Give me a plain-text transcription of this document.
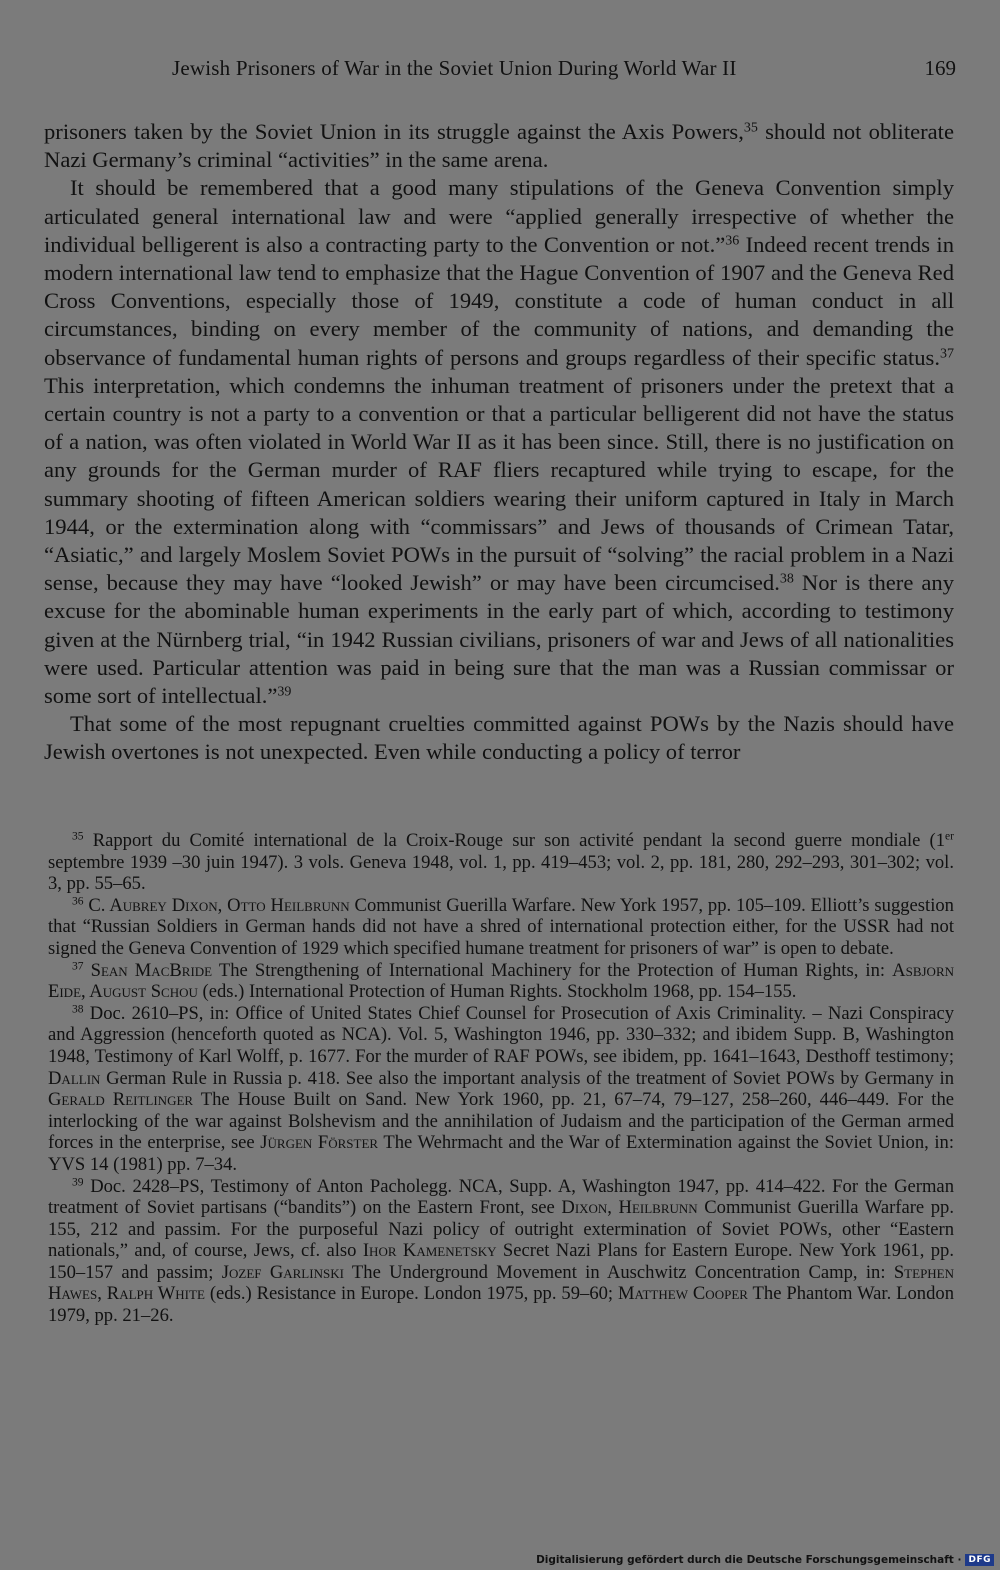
Jewish Prisoners of War in the Soviet Union During World War II	169

prisoners taken by the Soviet Union in its struggle against the Axis Powers,$^{35}$ should not obliterate Nazi Germany’s criminal “activities” in the same arena.

It should be remembered that a good many stipulations of the Geneva Convention simply articulated general international law and were “applied generally irrespective of whether the individual belligerent is also a contracting party to the Convention or not.”$^{36}$ Indeed recent trends in modern international law tend to emphasize that the Hague Convention of 1907 and the Geneva Red Cross Conventions, especially those of 1949, constitute a code of human conduct in all circumstances, binding on every member of the community of nations, and demanding the observance of fundamental human rights of persons and groups regardless of their specific status.$^{37}$ This interpretation, which condemns the inhuman treatment of prisoners under the pretext that a certain country is not a party to a convention or that a particular belligerent did not have the status of a nation, was often violated in World War II as it has been since. Still, there is no justification on any grounds for the German murder of RAF fliers recaptured while trying to escape, for the summary shooting of fifteen American soldiers wearing their uniform captured in Italy in March 1944, or the extermination along with “commissars” and Jews of thousands of Crimean Tatar, “Asiatic,” and largely Moslem Soviet POWs in the pursuit of “solving” the racial problem in a Nazi sense, because they may have “looked Jewish” or may have been circumcised.$^{38}$ Nor is there any excuse for the abominable human experiments in the early part of which, according to testimony given at the Nürnberg trial, “in 1942 Russian civilians, prisoners of war and Jews of all nationalities were used. Particular attention was paid in being sure that the man was a Russian commissar or some sort of intellectual.”$^{39}$

That some of the most repugnant cruelties committed against POWs by the Nazis should have Jewish overtones is not unexpected. Even while conducting a policy of terror

$^{35}$ Rapport du Comité international de la Croix-Rouge sur son activité pendant la second guerre mondiale (1er septembre 1939 –30 juin 1947). 3 vols. Geneva 1948, vol. 1, pp. 419–453; vol. 2, pp. 181, 280, 292–293, 301–302; vol. 3, pp. 55–65.

$^{36}$ C. Aubrey Dixon, Otto Heilbrunn Communist Guerilla Warfare. New York 1957, pp. 105–109. Elliott’s suggestion that “Russian Soldiers in German hands did not have a shred of international protection either, for the USSR had not signed the Geneva Convention of 1929 which specified humane treatment for prisoners of war” is open to debate.

$^{37}$ Sean MacBride The Strengthening of International Machinery for the Protection of Human Rights, in: Asbjorn Eide, August Schou (eds.) International Protection of Human Rights. Stockholm 1968, pp. 154–155.

$^{38}$ Doc. 2610–PS, in: Office of United States Chief Counsel for Prosecution of Axis Criminality. – Nazi Conspiracy and Aggression (henceforth quoted as NCA). Vol. 5, Washington 1946, pp. 330–332; and ibidem Supp. B, Washington 1948, Testimony of Karl Wolff, p. 1677. For the murder of RAF POWs, see ibidem, pp. 1641–1643, Desthoff testimony; Dallin German Rule in Russia p. 418. See also the important analysis of the treatment of Soviet POWs by Germany in Gerald Reitlinger The House Built on Sand. New York 1960, pp. 21, 67–74, 79–127, 258–260, 446–449. For the interlocking of the war against Bolshevism and the annihilation of Judaism and the participation of the German armed forces in the enterprise, see Jürgen Förster The Wehrmacht and the War of Extermination against the Soviet Union, in: YVS 14 (1981) pp. 7–34.

$^{39}$ Doc. 2428–PS, Testimony of Anton Pacholegg. NCA, Supp. A, Washington 1947, pp. 414–422. For the German treatment of Soviet partisans (“bandits”) on the Eastern Front, see Dixon, Heilbrunn Communist Guerilla Warfare pp. 155, 212 and passim. For the purposeful Nazi policy of outright extermination of Soviet POWs, other “Eastern nationals,” and, of course, Jews, cf. also Ihor Kamenetsky Secret Nazi Plans for Eastern Europe. New York 1961, pp. 150–157 and passim; Jozef Garlinski The Underground Movement in Auschwitz Concentration Camp, in: Stephen Hawes, Ralph White (eds.) Resistance in Europe. London 1975, pp. 59–60; Matthew Cooper The Phantom War. London 1979, pp. 21–26.

Digitalisierung gefördert durch die Deutsche Forschungsgemeinschaft · DFG
